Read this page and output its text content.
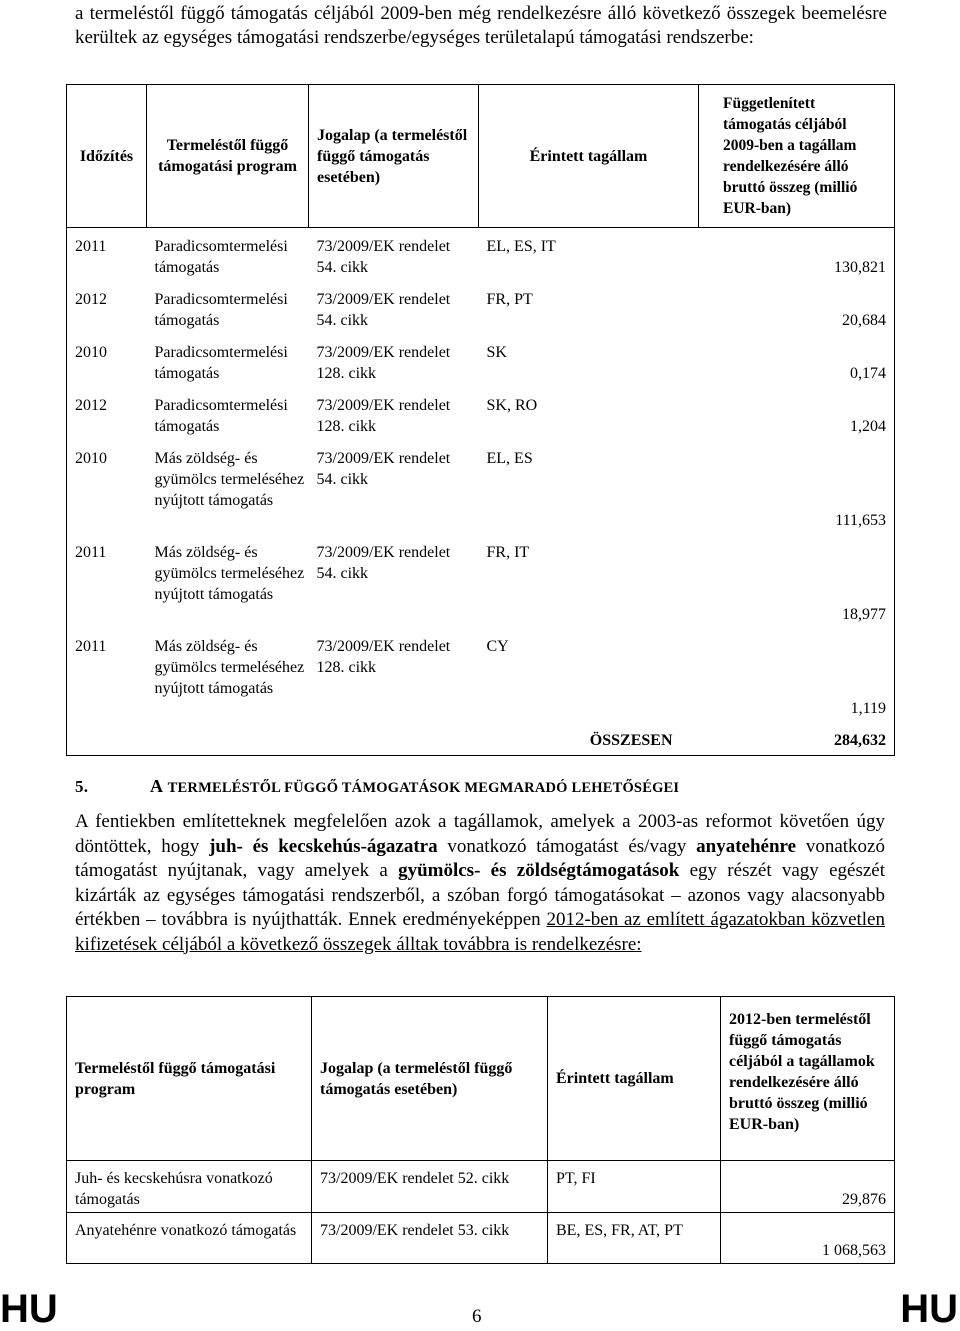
a termeléstől függő támogatás céljából 2009-ben még rendelkezésre álló következő összegek beemelésre kerültek az egységes támogatási rendszerbe/egységes területalapú támogatási rendszerbe:
Időzítés	Termeléstől függő támogatási program	Jogalap (a termeléstől függő támogatás esetében)	Érintett tagállam	Függetlenített támogatás céljából 2009-ben a tagállam rendelkezésére álló bruttó összeg (millió EUR-ban)
2011	Paradicsomtermelési támogatás	73/2009/EK rendelet 54. cikk	EL, ES, IT	130,821
2012	Paradicsomtermelési támogatás	73/2009/EK rendelet 54. cikk	FR, PT	20,684
2010	Paradicsomtermelési támogatás	73/2009/EK rendelet 128. cikk	SK	0,174
2012	Paradicsomtermelési támogatás	73/2009/EK rendelet 128. cikk	SK, RO	1,204
2010	Más zöldség- és gyümölcs termeléséhez nyújtott támogatás	73/2009/EK rendelet 54. cikk	EL, ES	111,653
2011	Más zöldség- és gyümölcs termeléséhez nyújtott támogatás	73/2009/EK rendelet 54. cikk	FR, IT	18,977
2011	Más zöldség- és gyümölcs termeléséhez nyújtott támogatás	73/2009/EK rendelet 128. cikk	CY	1,119
			ÖSSZESEN	284,632
5.	A TERMELÉSTŐL FÜGGŐ TÁMOGATÁSOK MEGMARADÓ LEHETŐSÉGEI
A fentiekben említetteknek megfelelően azok a tagállamok, amelyek a 2003-as reformot követően úgy döntöttek, hogy juh- és kecskehús-ágazatra vonatkozó támogatást és/vagy anyatehénre vonatkozó támogatást nyújtanak, vagy amelyek a gyümölcs- és zöldségtámogatások egy részét vagy egészét kizárták az egységes támogatási rendszerből, a szóban forgó támogatásokat – azonos vagy alacsonyabb értékben – továbbra is nyújthatták. Ennek eredményeképpen 2012-ben az említett ágazatokban közvetlen kifizetések céljából a következő összegek álltak továbbra is rendelkezésre:
Termeléstől függő támogatási program	Jogalap (a termeléstől függő támogatás esetében)	Érintett tagállam	2012-ben termeléstől függő támogatás céljából a tagállamok rendelkezésére álló bruttó összeg (millió EUR-ban)
Juh- és kecskehúsra vonatkozó támogatás	73/2009/EK rendelet 52. cikk	PT, FI	29,876
Anyatehénre vonatkozó támogatás	73/2009/EK rendelet 53. cikk	BE, ES, FR, AT, PT	1 068,563
HU	6	HU
